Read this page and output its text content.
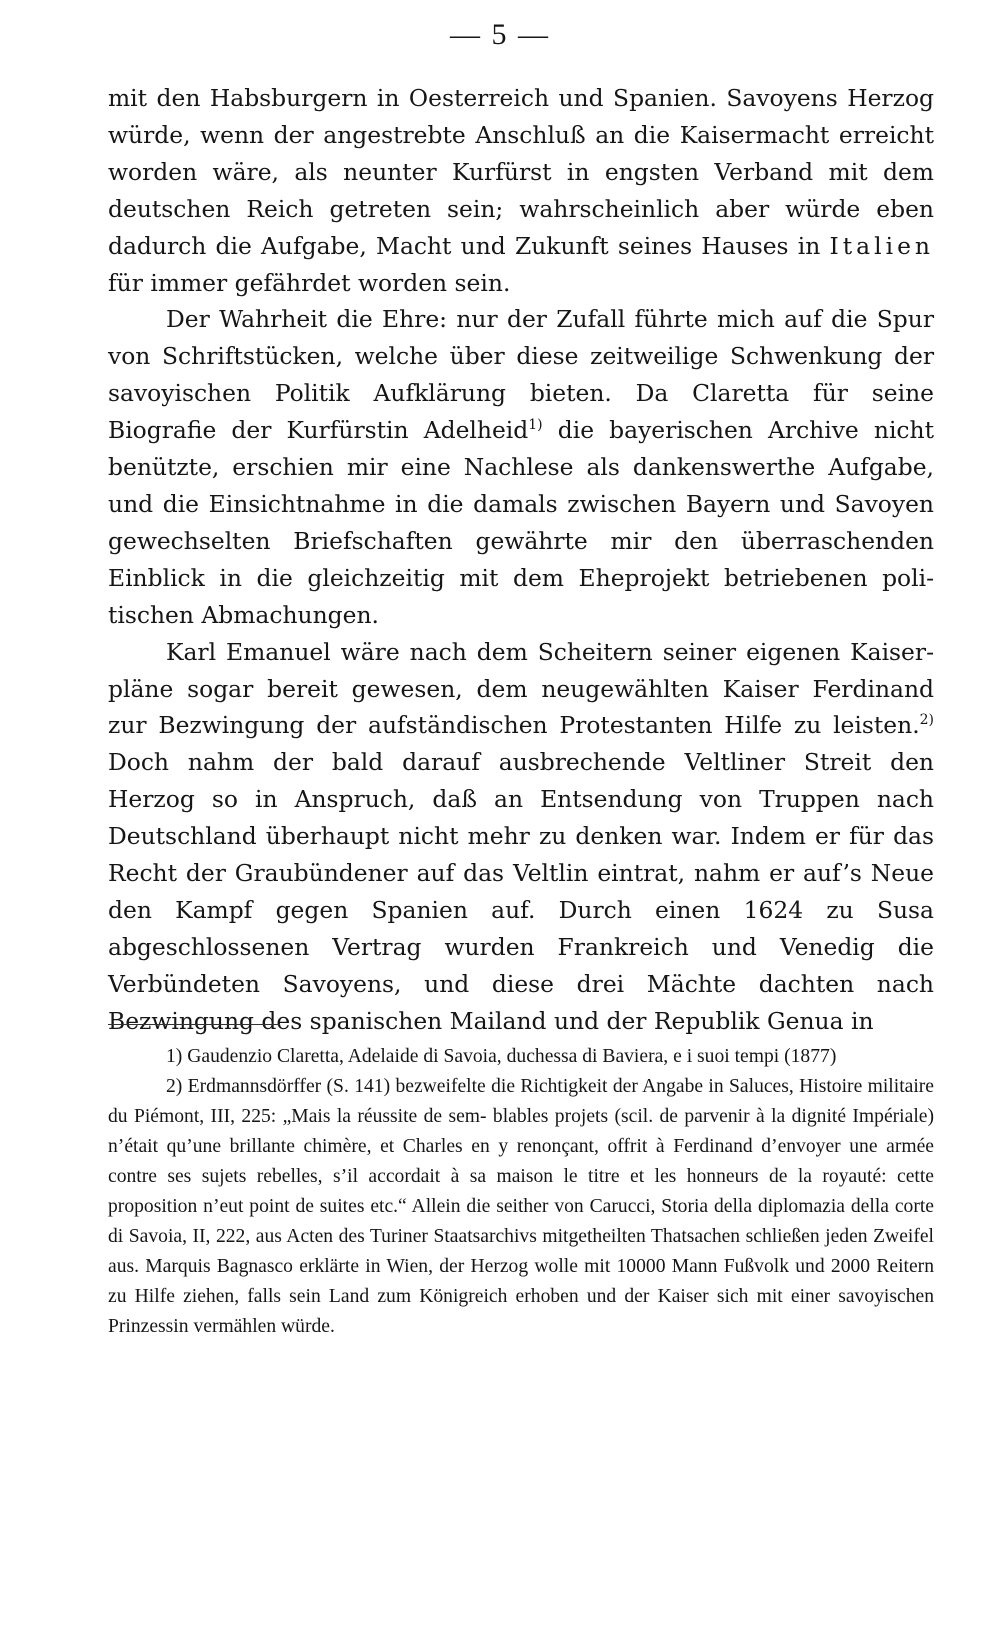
— 5 —

mit den Habsburgern in Oesterreich und Spanien. Savoyens Herzog würde, wenn der angestrebte Anschluß an die Kaisermacht erreicht worden wäre, als neunter Kurfürst in engsten Verband mit dem deutschen Reich getreten sein; wahrscheinlich aber würde eben dadurch die Aufgabe, Macht und Zukunft seines Hauses in Italien für immer gefährdet worden sein.

Der Wahrheit die Ehre: nur der Zufall führte mich auf die Spur von Schriftstücken, welche über diese zeitweilige Schwenkung der savoyischen Politik Aufklärung bieten. Da Claretta für seine Biografie der Kurfürstin Adelheid$^{1)}$ die bayerischen Archive nicht benützte, erschien mir eine Nachlese als dankenswerthe Aufgabe, und die Einsichtnahme in die damals zwischen Bayern und Savoyen gewechselten Briefschaften gewährte mir den überraschenden Einblick in die gleichzeitig mit dem Eheprojekt betriebenen poli- tischen Abmachungen.

Karl Emanuel wäre nach dem Scheitern seiner eigenen Kaiser- pläne sogar bereit gewesen, dem neugewählten Kaiser Ferdinand zur Bezwingung der aufständischen Protestanten Hilfe zu leisten.$^{2)}$ Doch nahm der bald darauf ausbrechende Veltliner Streit den Herzog so in Anspruch, daß an Entsendung von Truppen nach Deutschland überhaupt nicht mehr zu denken war. Indem er für das Recht der Graubündener auf das Veltlin eintrat, nahm er auf’s Neue den Kampf gegen Spanien auf. Durch einen 1624 zu Susa abgeschlossenen Vertrag wurden Frankreich und Venedig die Verbündeten Savoyens, und diese drei Mächte dachten nach Bezwingung des spanischen Mailand und der Republik Genua in

1) Gaudenzio Claretta, Adelaide di Savoia, duchessa di Baviera, e i suoi tempi (1877)

2) Erdmannsdörffer (S. 141) bezweifelte die Richtigkeit der Angabe in Saluces, Histoire militaire du Piémont, III, 225: „Mais la réussite de sem- blables projets (scil. de parvenir à la dignité Impériale) n’était qu’une brillante chimère, et Charles en y renonçant, offrit à Ferdinand d’envoyer une armée contre ses sujets rebelles, s’il accordait à sa maison le titre et les honneurs de la royauté: cette proposition n’eut point de suites etc.“ Allein die seither von Carucci, Storia della diplomazia della corte di Savoia, II, 222, aus Acten des Turiner Staatsarchivs mitgetheilten Thatsachen schließen jeden Zweifel aus. Marquis Bagnasco erklärte in Wien, der Herzog wolle mit 10000 Mann Fußvolk und 2000 Reitern zu Hilfe ziehen, falls sein Land zum Königreich erhoben und der Kaiser sich mit einer savoyischen Prinzessin vermählen würde.
